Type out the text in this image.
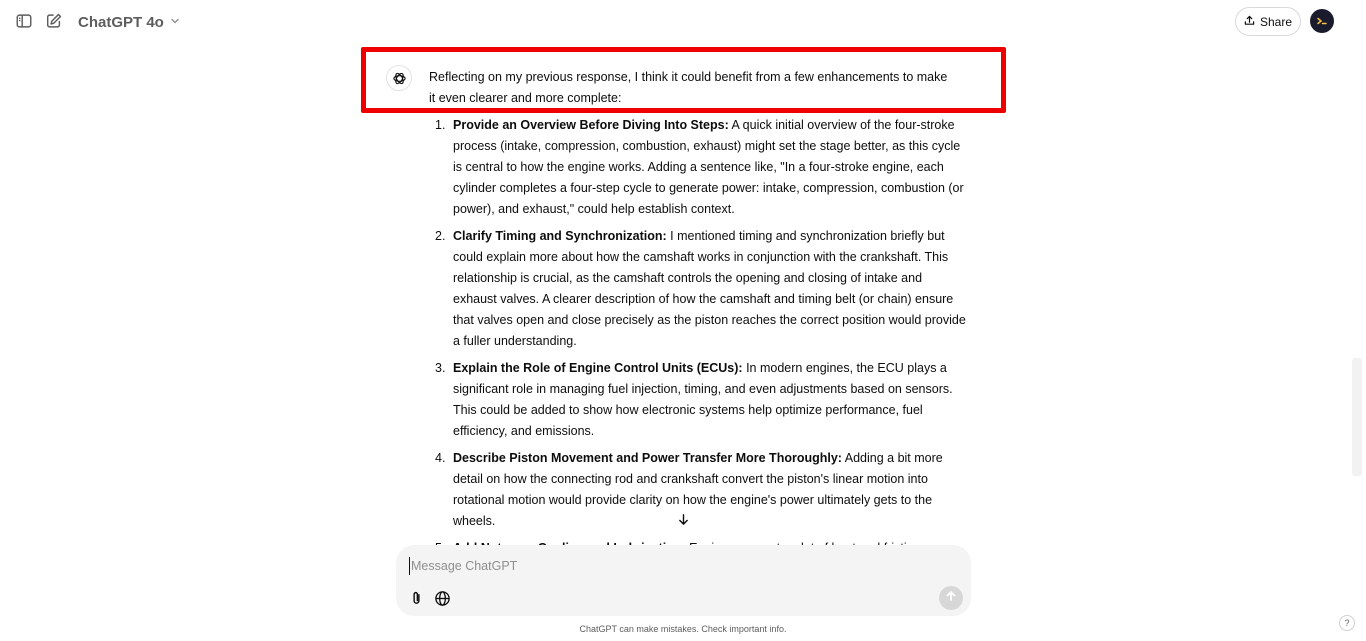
ChatGPT 4o	Share

Reflecting on my previous response, I think it could benefit from a few enhancements to make it even clearer and more complete:

1. Provide an Overview Before Diving Into Steps: A quick initial overview of the four-stroke process (intake, compression, combustion, exhaust) might set the stage better, as this cycle is central to how the engine works. Adding a sentence like, "In a four-stroke engine, each cylinder completes a four-step cycle to generate power: intake, compression, combustion (or power), and exhaust," could help establish context.
2. Clarify Timing and Synchronization: I mentioned timing and synchronization briefly but could explain more about how the camshaft works in conjunction with the crankshaft. This relationship is crucial, as the camshaft controls the opening and closing of intake and exhaust valves. A clearer description of how the camshaft and timing belt (or chain) ensure that valves open and close precisely as the piston reaches the correct position would provide a fuller understanding.
3. Explain the Role of Engine Control Units (ECUs): In modern engines, the ECU plays a significant role in managing fuel injection, timing, and even adjustments based on sensors. This could be added to show how electronic systems help optimize performance, fuel efficiency, and emissions.
4. Describe Piston Movement and Power Transfer More Thoroughly: Adding a bit more detail on how the connecting rod and crankshaft convert the piston's linear motion into rotational motion would provide clarity on how the engine's power ultimately gets to the wheels.
Message ChatGPT
ChatGPT can make mistakes. Check important info.
?
